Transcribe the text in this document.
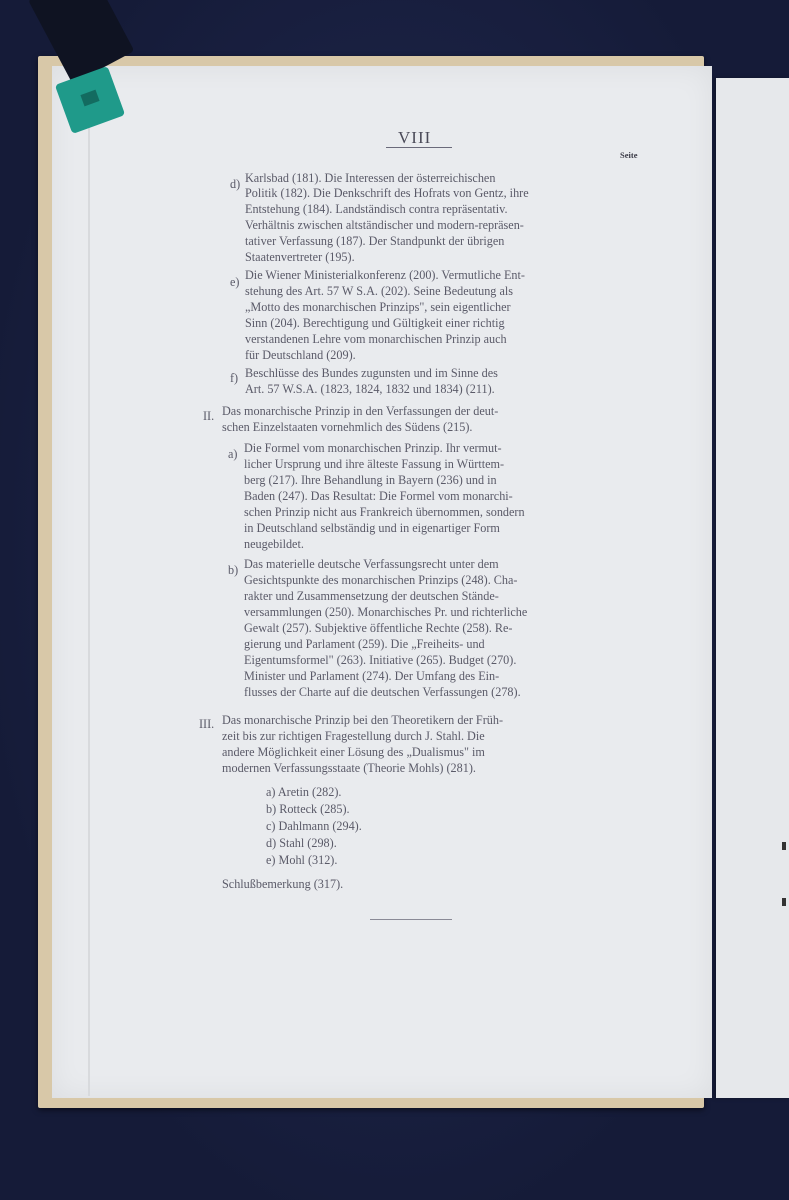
VIII
Seite
d) Karlsbad (181). Die Interessen der österreichischen
Politik (182). Die Denkschrift des Hofrats von Gentz, ihre
Entstehung (184). Landständisch contra repräsentativ.
Verhältnis zwischen altständischer und modern-repräsen-
tativer Verfassung (187). Der Standpunkt der übrigen
Staatenvertreter (195).
e) Die Wiener Ministerialkonferenz (200). Vermutliche Ent-
stehung des Art. 57 W S.A. (202). Seine Bedeutung als
„Motto des monarchischen Prinzips", sein eigentlicher
Sinn (204). Berechtigung und Gültigkeit einer richtig
verstandenen Lehre vom monarchischen Prinzip auch
für Deutschland (209).
f) Beschlüsse des Bundes zugunsten und im Sinne des
Art. 57 W.S.A. (1823, 1824, 1832 und 1834) (211).
II. Das monarchische Prinzip in den Verfassungen der deut-
schen Einzelstaaten vornehmlich des Südens (215).
a) Die Formel vom monarchischen Prinzip. Ihr vermut-
licher Ursprung und ihre älteste Fassung in Württem-
berg (217). Ihre Behandlung in Bayern (236) und in
Baden (247). Das Resultat: Die Formel vom monarchi-
schen Prinzip nicht aus Frankreich übernommen, sondern
in Deutschland selbständig und in eigenartiger Form
neugebildet.
b) Das materielle deutsche Verfassungsrecht unter dem
Gesichtspunkte des monarchischen Prinzips (248). Cha-
rakter und Zusammensetzung der deutschen Stände-
versammlungen (250). Monarchisches Pr. und richterliche
Gewalt (257). Subjektive öffentliche Rechte (258). Re-
gierung und Parlament (259). Die „Freiheits- und
Eigentumsformel" (263). Initiative (265). Budget (270).
Minister und Parlament (274). Der Umfang des Ein-
flusses der Charte auf die deutschen Verfassungen (278).
III. Das monarchische Prinzip bei den Theoretikern der Früh-
zeit bis zur richtigen Fragestellung durch J. Stahl. Die
andere Möglichkeit einer Lösung des „Dualismus" im
modernen Verfassungsstaate (Theorie Mohls) (281).
a) Aretin (282).
b) Rotteck (285).
c) Dahlmann (294).
d) Stahl (298).
e) Mohl (312).
Schlußbemerkung (317).
